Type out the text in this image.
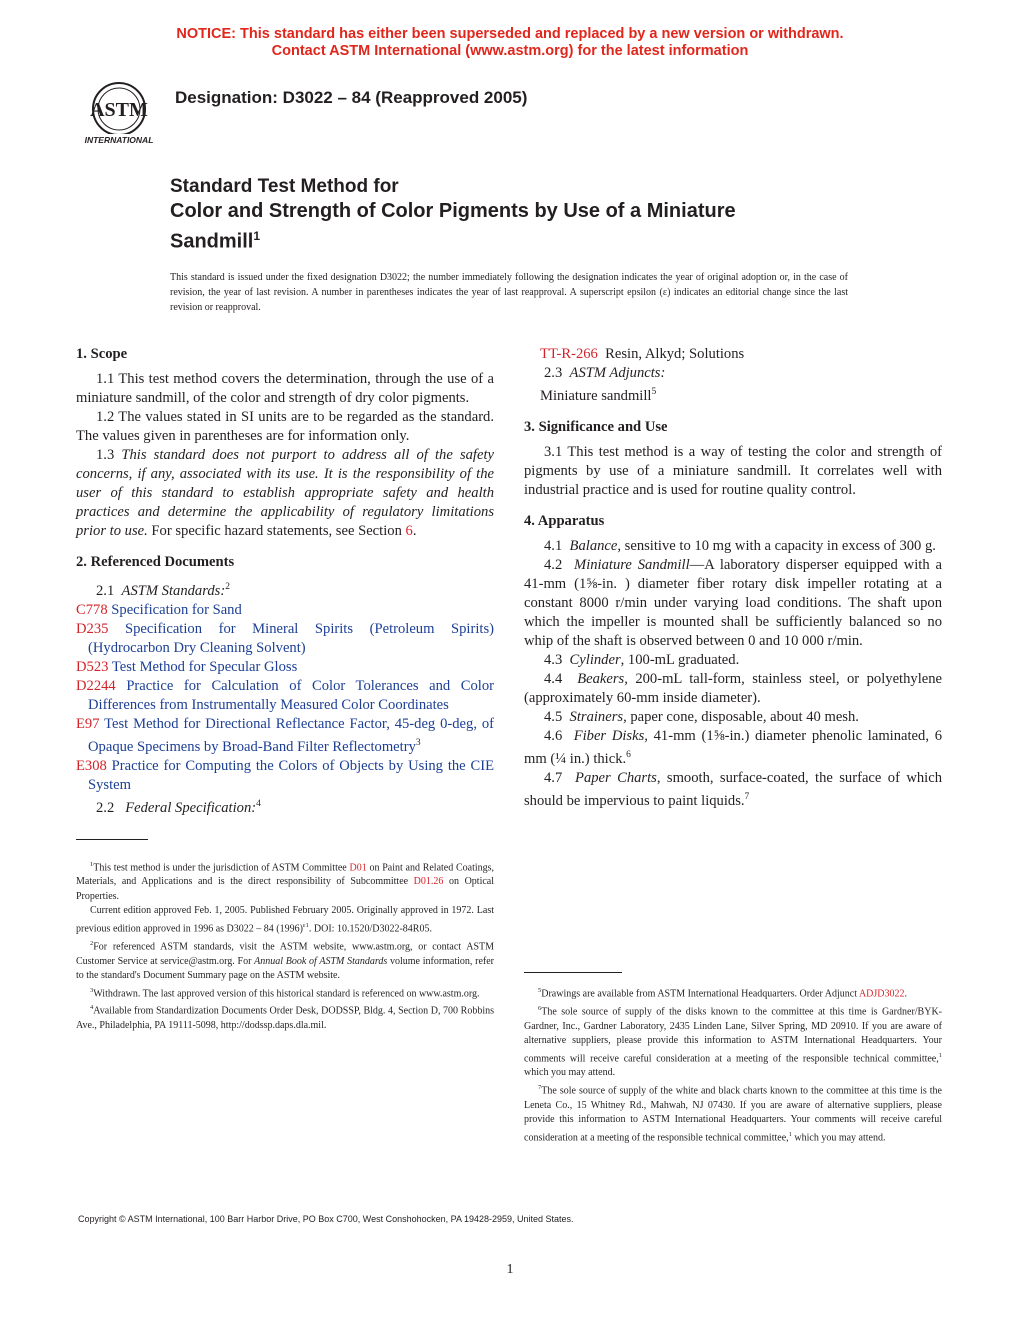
NOTICE: This standard has either been superseded and replaced by a new version or withdrawn.
Contact ASTM International (www.astm.org) for the latest information
ASTM
INTERNATIONAL
Designation: D3022 – 84 (Reapproved 2005)
Standard Test Method for
Color and Strength of Color Pigments by Use of a Miniature
Sandmill$^1$
This standard is issued under the fixed designation D3022; the number immediately following the designation indicates the year of original adoption or, in the case of revision, the year of last revision. A number in parentheses indicates the year of last reapproval. A superscript epsilon (ε) indicates an editorial change since the last revision or reapproval.
1. Scope

1.1 This test method covers the determination, through the use of a miniature sandmill, of the color and strength of dry color pigments.

1.2 The values stated in SI units are to be regarded as the standard. The values given in parentheses are for information only.

1.3 This standard does not purport to address all of the safety concerns, if any, associated with its use. It is the responsibility of the user of this standard to establish appropriate safety and health practices and determine the applicability of regulatory limitations prior to use. For specific hazard statements, see Section 6.

2. Referenced Documents

2.1 ASTM Standards:$^2$

C778 Specification for Sand

D235 Specification for Mineral Spirits (Petroleum Spirits) (Hydrocarbon Dry Cleaning Solvent)

D523 Test Method for Specular Gloss

D2244 Practice for Calculation of Color Tolerances and Color Differences from Instrumentally Measured Color Coordinates

E97 Test Method for Directional Reflectance Factor, 45-deg 0-deg, of Opaque Specimens by Broad-Band Filter Reflectometry$^3$

E308 Practice for Computing the Colors of Objects by Using the CIE System

2.2 Federal Specification:$^4$

$^1$This test method is under the jurisdiction of ASTM Committee D01 on Paint and Related Coatings, Materials, and Applications and is the direct responsibility of Subcommittee D01.26 on Optical Properties.

Current edition approved Feb. 1, 2005. Published February 2005. Originally approved in 1972. Last previous edition approved in 1996 as D3022 – 84 $(1996)^{\varepsilon 1}$. DOI: 10.1520/D3022-84R05.

$^2$For referenced ASTM standards, visit the ASTM website, www.astm.org, or contact ASTM Customer Service at service@astm.org. For Annual Book of ASTM Standards volume information, refer to the standard's Document Summary page on the ASTM website.

$^3$Withdrawn. The last approved version of this historical standard is referenced on www.astm.org.

$^4$Available from Standardization Documents Order Desk, DODSSP, Bldg. 4, Section D, 700 Robbins Ave., Philadelphia, PA 19111-5098, http://dodssp.daps.dla.mil.

TT-R-266 Resin, Alkyd; Solutions

2.3 ASTM Adjuncts:

Miniature sandmill$^5$

3. Significance and Use

3.1 This test method is a way of testing the color and strength of pigments by use of a miniature sandmill. It correlates well with industrial practice and is used for routine quality control.

4. Apparatus

4.1 Balance, sensitive to 10 mg with a capacity in excess of 300 g.

4.2 Miniature Sandmill—A laboratory disperser equipped with a 41-mm (1⅝-in. ) diameter fiber rotary disk impeller rotating at a constant 8000 r/min under varying load conditions. The shaft upon which the impeller is mounted shall be sufficiently balanced so no whip of the shaft is observed between 0 and 10 000 r/min.

4.3 Cylinder, 100-mL graduated.

4.4 Beakers, 200-mL tall-form, stainless steel, or polyethylene (approximately 60-mm inside diameter).

4.5 Strainers, paper cone, disposable, about 40 mesh.

4.6 Fiber Disks, 41-mm (1⅝-in.) diameter phenolic laminated, 6 mm (¼ in.) thick.$^6$

4.7 Paper Charts, smooth, surface-coated, the surface of which should be impervious to paint liquids.$^7$

$^5$Drawings are available from ASTM International Headquarters. Order Adjunct ADJD3022.

$^6$The sole source of supply of the disks known to the committee at this time is Gardner/BYK-Gardner, Inc., Gardner Laboratory, 2435 Linden Lane, Silver Spring, MD 20910. If you are aware of alternative suppliers, please provide this information to ASTM International Headquarters. Your comments will receive careful consideration at a meeting of the responsible technical committee,$^1$ which you may attend.

$^7$The sole source of supply of the white and black charts known to the committee at this time is the Leneta Co., 15 Whitney Rd., Mahwah, NJ 07430. If you are aware of alternative suppliers, please provide this information to ASTM International Headquarters. Your comments will receive careful consideration at a meeting of the responsible technical committee,$^1$ which you may attend.

Copyright © ASTM International, 100 Barr Harbor Drive, PO Box C700, West Conshohocken, PA 19428-2959, United States.
1
